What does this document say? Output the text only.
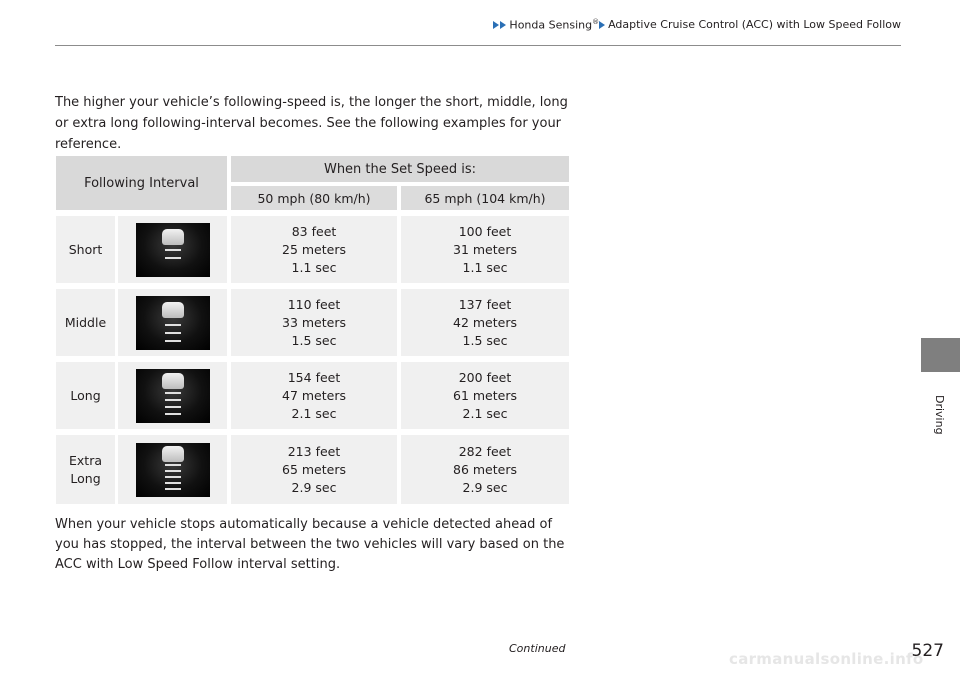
Honda Sensing® Adaptive Cruise Control (ACC) with Low Speed Follow
Driving
The higher your vehicle’s following-speed is, the longer the short, middle, long or extra long following-interval becomes. See the following examples for your reference.
Following Interval
When the Set Speed is:
50 mph (80 km/h)	65 mph (104 km/h)
Short
83 feet
25 meters
1.1 sec
100 feet
31 meters
1.1 sec
Middle
110 feet
33 meters
1.5 sec
137 feet
42 meters
1.5 sec
Long
154 feet
47 meters
2.1 sec
200 feet
61 meters
2.1 sec
Extra
Long
213 feet
65 meters
2.9 sec
282 feet
86 meters
2.9 sec
When your vehicle stops automatically because a vehicle detected ahead of you has stopped, the interval between the two vehicles will vary based on the ACC with Low Speed Follow interval setting.
Continued
carmanualsonline.info
527
